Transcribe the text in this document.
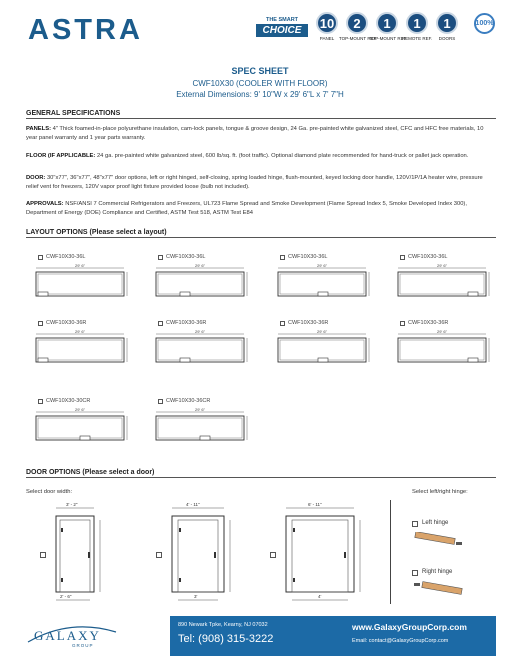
ASTRA	THE SMART
CHOICE	10
PANEL
2
TOP-MOUNT REF.
1
TOP-MOUNT REF.
1
REMOTE REF.
1
DOORS
100%
SPEC SHEET
CWF10X30 (COOLER WITH FLOOR)
External Dimensions: 9' 10"W x 29' 6"L x 7' 7"H
GENERAL SPECIFICATIONS
PANELS: 4" Thick foamed-in-place polyurethane insulation, cam-lock panels, tongue & groove design, 24 Ga. pre-painted white galvanized steel, CFC and HFC free materials, 10 year panel warranty and 1 year parts warranty.
FLOOR (IF APPLICABLE: 24 ga. pre-painted white galvanized steel, 600 lb/sq. ft. (foot traffic). Optional diamond plate recommended for hand-truck or pallet jack operation.
DOOR: 30"x77", 36"x77", 48"x77" door options, left or right hinged, self-closing, spring loaded hinge, flush-mounted, keyed locking door handle, 120V/1P/1A heater wire, pressure relief vent for freezers, 120V vapor proof light fixture provided loose (bulb not included).
APPROVALS: NSF/ANSI 7 Commercial Refrigerators and Freezers, UL723 Flame Spread and Smoke Development (Flame Spread Index 5, Smoke Developed Index 300), Department of Energy (DOE) Compliance and Certified, ASTM Test 518, ASTM Test E84
LAYOUT OPTIONS (Please select a layout)
CWF10X30-36L
29' 6"
CWF10X30-36L
29' 6"
CWF10X30-36L
29' 6"
CWF10X30-36L
29' 6"
CWF10X30-36R
29' 6"
CWF10X30-36R
29' 6"
CWF10X30-36R
29' 6"
CWF10X30-36R
29' 6"
CWF10X30-30CR
29' 6"
CWF10X30-36CR
29' 6"
DOOR OPTIONS (Please select a door)
Select door width:	Select left/right hinge:
3' - 2"
2' - 6"
4' - 11"
3'
6' - 11"
4'
Left hinge
Right hinge
GALAXY
GROUP
890 Newark Tpke, Kearny, NJ 07032
Tel: (908) 315-3222
www.GalaxyGroupCorp.com
Email: contact@GalaxyGroupCorp.com
